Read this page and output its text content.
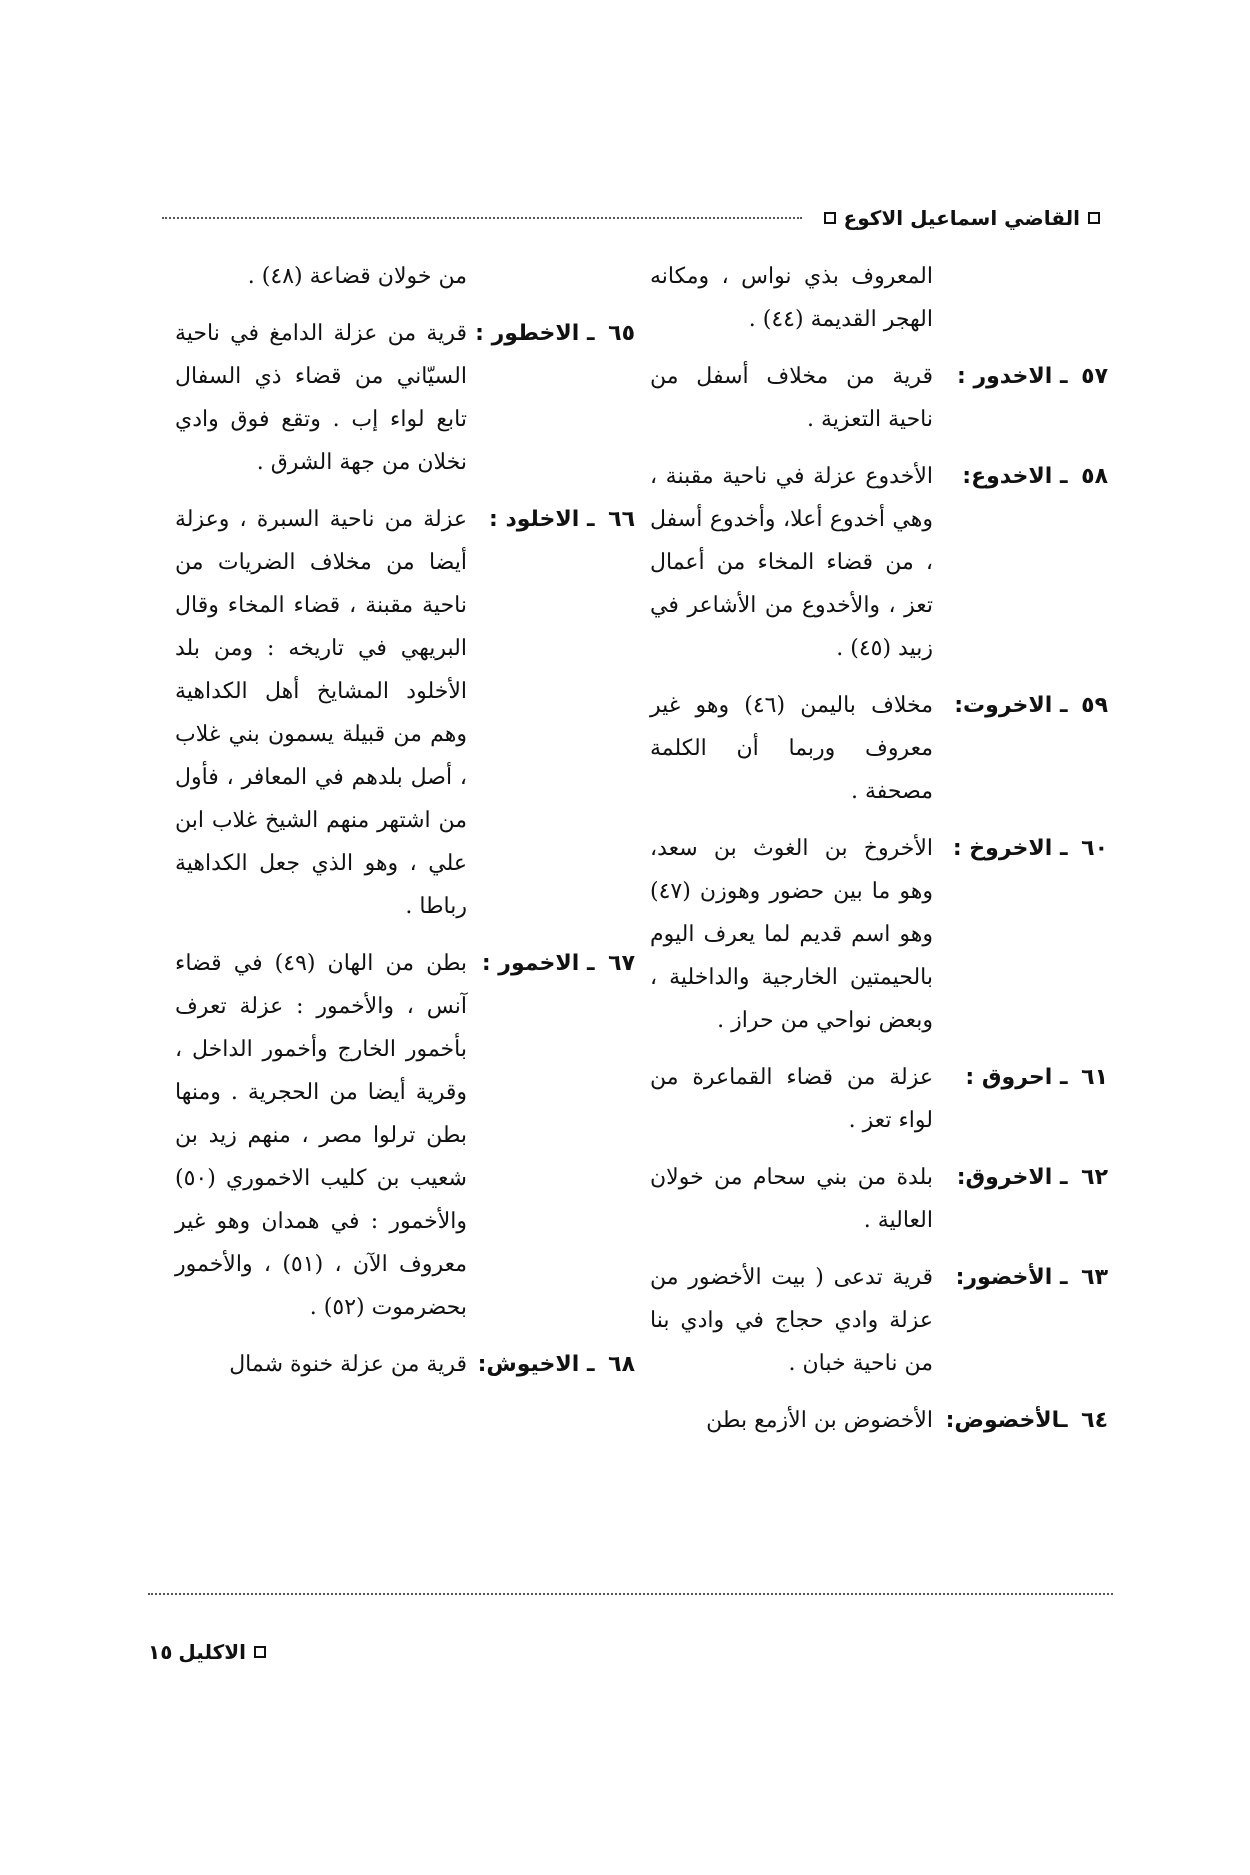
القاضي اسماعيل الاكوع
المعروف بذي نواس ، ومكانه الهجر القديمة (٤٤) .
٥٧ ـ الاخدور :
قرية من مخلاف أسفل من ناحية التعزية .
٥٨ ـ الاخدوع:
الأخدوع عزلة في ناحية مقبنة ، وهي أخدوع أعلا، وأخدوع أسفل ، من قضاء المخاء من أعمال تعز ، والأخدوع من الأشاعر في زبيد (٤٥) .
٥٩ ـ الاخروت:
مخلاف باليمن (٤٦) وهو غير معروف وربما أن الكلمة مصحفة .
٦٠ ـ الاخروخ :
الأخروخ بن الغوث بن سعد، وهو ما بين حضور وهوزن (٤٧) وهو اسم قديم لما يعرف اليوم بالحيمتين الخارجية والداخلية ، وبعض نواحي من حراز .
٦١ ـ احروق :
عزلة من قضاء القماعرة من لواء تعز .
٦٢ ـ الاخروق:
بلدة من بني سحام من خولان العالية .
٦٣ ـ الأخضور:
قرية تدعى ( بيت الأخضور من عزلة وادي حجاج في وادي بنا من ناحية خبان .
٦٤ ـالأخضوض:
الأخضوض بن الأزمع بطن
من خولان قضاعة (٤٨) .
٦٥ ـ الاخطور :
قرية من عزلة الدامغ في ناحية السيّاني من قضاء ذي السفال تابع لواء إب . وتقع فوق وادي نخلان من جهة الشرق .
٦٦ ـ الاخلود :
عزلة من ناحية السبرة ، وعزلة أيضا من مخلاف الضريات من ناحية مقبنة ، قضاء المخاء وقال البريهي في تاريخه : ومن بلد الأخلود المشايخ أهل الكداهية وهم من قبيلة يسمون بني غلاب ، أصل بلدهم في المعافر ، فأول من اشتهر منهم الشيخ غلاب ابن علي ، وهو الذي جعل الكداهية رباطا .
٦٧ ـ الاخمور :
بطن من الهان (٤٩) في قضاء آنس ، والأخمور : عزلة تعرف بأخمور الخارج وأخمور الداخل ، وقرية أيضا من الحجرية . ومنها بطن ترلوا مصر ، منهم زيد بن شعيب بن كليب الاخموري (٥٠) والأخمور : في همدان وهو غير معروف الآن ، (٥١) ، والأخمور بحضرموت (٥٢) .
٦٨ ـ الاخيوش:
قرية من عزلة خنوة شمال
الاكليل
١٥
